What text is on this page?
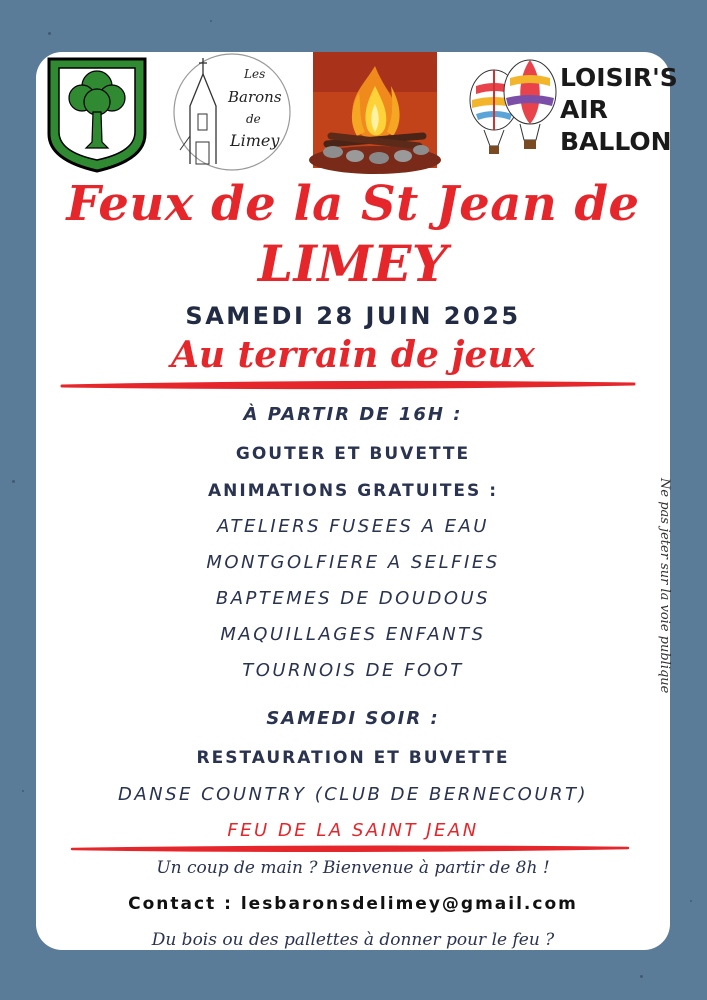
Les
Barons
de
Limey
LOISIR'S
AIR
BALLON
Feux de la St Jean de
LIMEY
SAMEDI 28 JUIN 2025
Au terrain de jeux
À PARTIR DE 16H :
GOUTER ET BUVETTE
ANIMATIONS GRATUITES :
ATELIERS FUSEES A EAU
MONTGOLFIERE A SELFIES
BAPTEMES DE DOUDOUS
MAQUILLAGES ENFANTS
TOURNOIS DE FOOT
SAMEDI SOIR :
RESTAURATION ET BUVETTE
DANSE COUNTRY (CLUB DE BERNECOURT)
FEU DE LA SAINT JEAN
Un coup de main ? Bienvenue à partir de 8h !
Contact : lesbaronsdelimey@gmail.com
Du bois ou des pallettes à donner pour le feu ?
Ne pas jeter sur la voie publique
